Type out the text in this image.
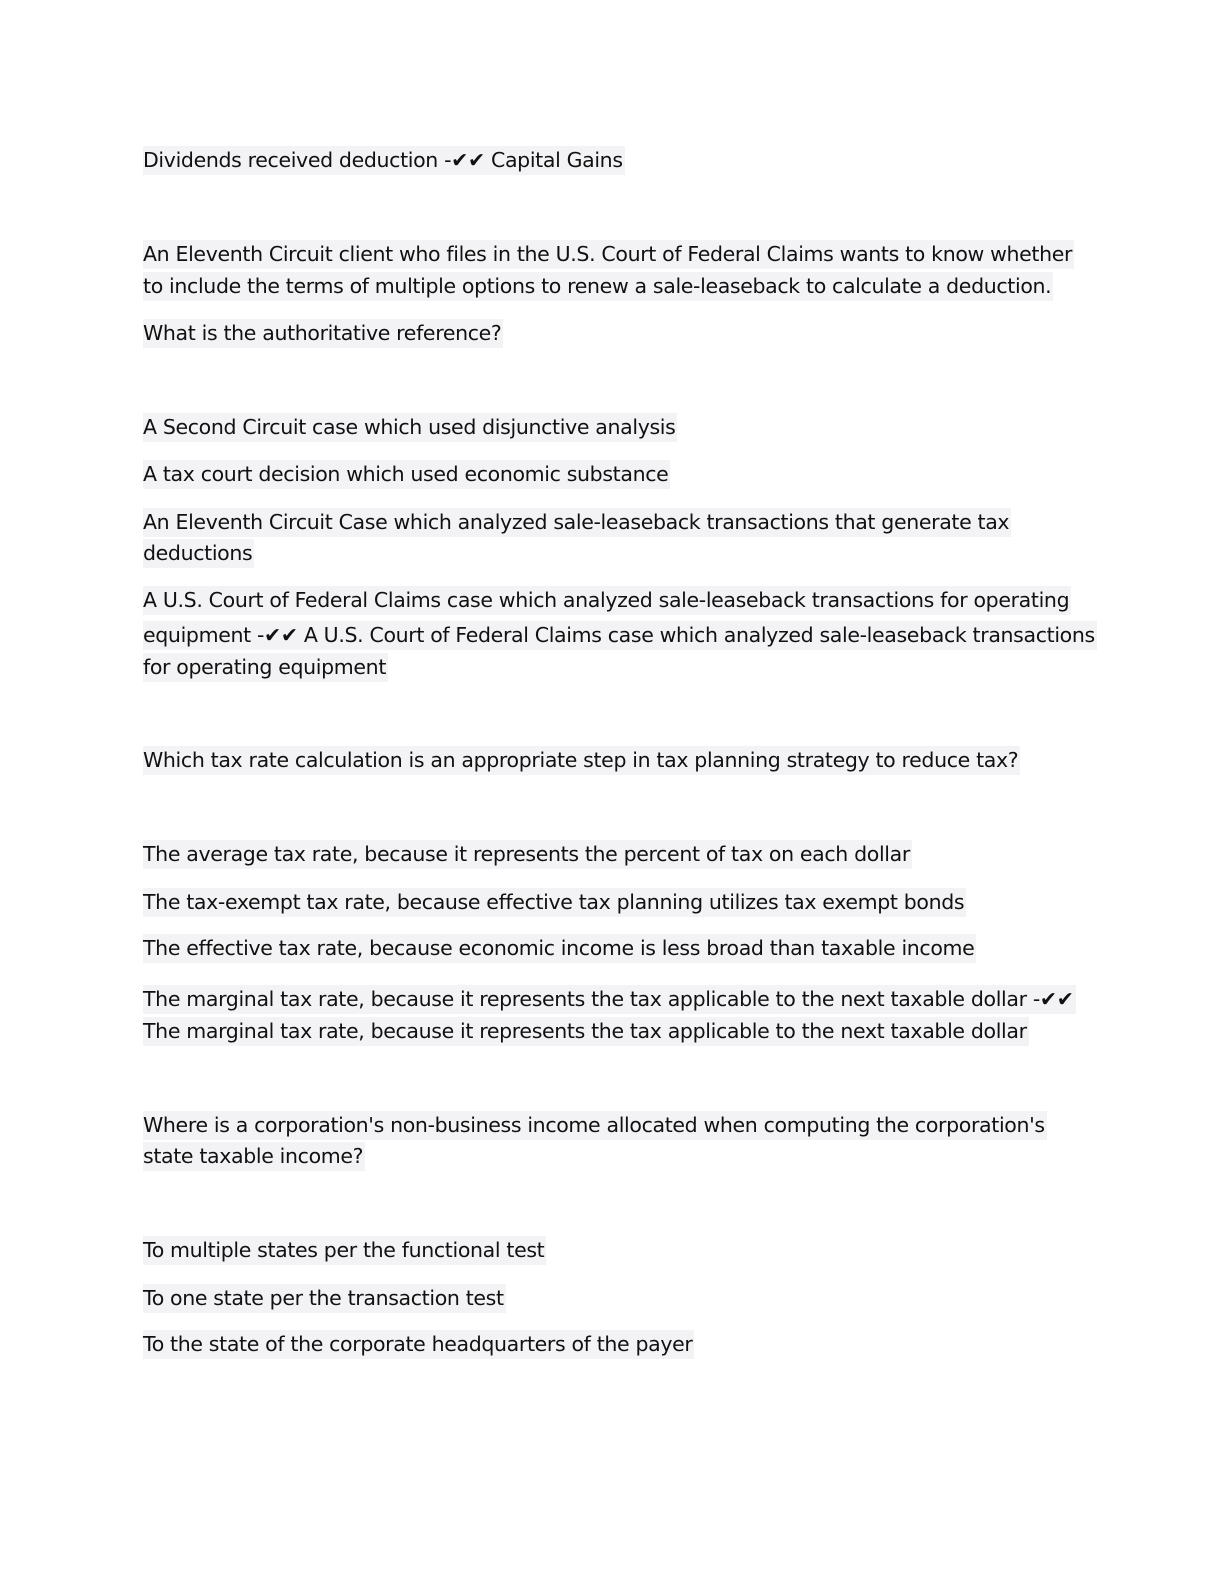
Dividends received deduction -✔✔ Capital Gains
An Eleventh Circuit client who files in the U.S. Court of Federal Claims wants to know whether
to include the terms of multiple options to renew a sale-leaseback to calculate a deduction.
What is the authoritative reference?
A Second Circuit case which used disjunctive analysis
A tax court decision which used economic substance
An Eleventh Circuit Case which analyzed sale-leaseback transactions that generate tax
deductions
A U.S. Court of Federal Claims case which analyzed sale-leaseback transactions for operating
equipment -✔✔ A U.S. Court of Federal Claims case which analyzed sale-leaseback transactions
for operating equipment
Which tax rate calculation is an appropriate step in tax planning strategy to reduce tax?
The average tax rate, because it represents the percent of tax on each dollar
The tax-exempt tax rate, because effective tax planning utilizes tax exempt bonds
The effective tax rate, because economic income is less broad than taxable income
The marginal tax rate, because it represents the tax applicable to the next taxable dollar -✔✔
The marginal tax rate, because it represents the tax applicable to the next taxable dollar
Where is a corporation's non-business income allocated when computing the corporation's
state taxable income?
To multiple states per the functional test
To one state per the transaction test
To the state of the corporate headquarters of the payer
